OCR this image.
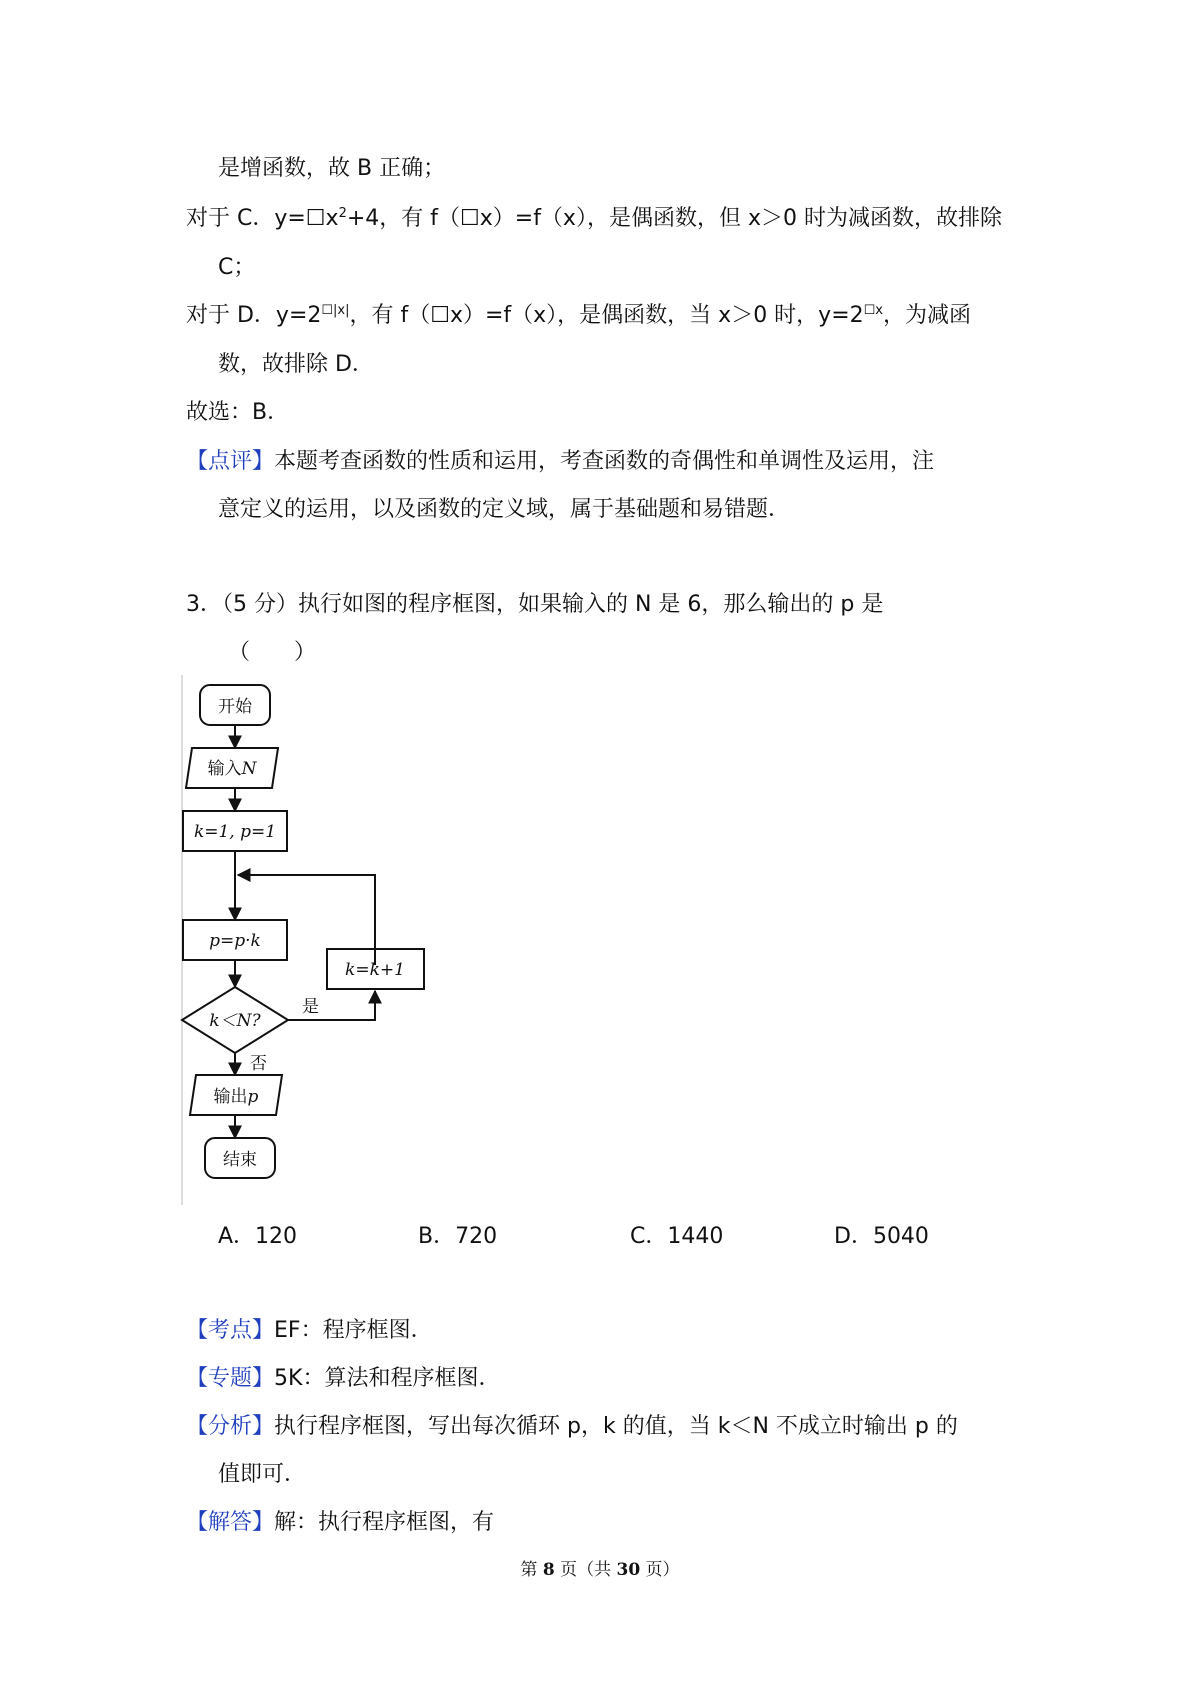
是增函数，故 B 正确；
对于 C．$y=☐x^2+4$，有 f（☐x）=f（x），是偶函数，但 x＞0 时为减函数，故排除
C；
对于 D．$y=2^{☐|x|}$，有 f（☐x）=f（x），是偶函数，当 x＞0 时，$y=2^{☐x}$，为减函
数，故排除 D．
故选：B．
【点评】本题考查函数的性质和运用，考查函数的奇偶性和单调性及运用，注
意定义的运用，以及函数的定义域，属于基础题和易错题．
3．（5 分）执行如图的程序框图，如果输入的 N 是 6，那么输出的 p 是
（　　）
开始
输入N
k=1, p=1
p=p·k
k=k+1
k＜N?
是
否
输出p
结束
A．120	B．720	C．1440	D．5040
【考点】EF：程序框图．
【专题】5K：算法和程序框图．
【分析】执行程序框图，写出每次循环 p，k 的值，当 k＜N 不成立时输出 p 的
值即可．
【解答】解：执行程序框图，有
第 8 页（共 30 页）
